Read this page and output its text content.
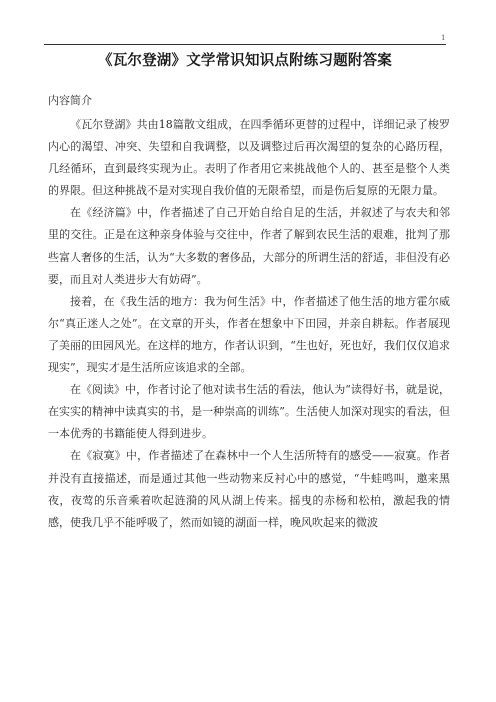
1
《瓦尔登湖》文学常识知识点附练习题附答案
内容简介

《瓦尔登湖》共由18篇散文组成，在四季循环更替的过程中，详细记录了梭罗内心的渴望、冲突、失望和自我调整，以及调整过后再次渴望的复杂的心路历程，几经循环，直到最终实现为止。表明了作者用它来挑战他个人的、甚至是整个人类的界限。但这种挑战不是对实现自我价值的无限希望，而是伤后复原的无限力量。

在《经济篇》中，作者描述了自己开始自给自足的生活，并叙述了与农夫和邻里的交往。正是在这种亲身体验与交往中，作者了解到农民生活的艰难，批判了那些富人奢侈的生活，认为“大多数的奢侈品，大部分的所谓生活的舒适，非但没有必要，而且对人类进步大有妨碍”。

接着，在《我生活的地方：我为何生活》中，作者描述了他生活的地方霍尔威尔“真正迷人之处”。在文章的开头，作者在想象中下田园，并亲自耕耘。作者展现了美丽的田园风光。在这样的地方，作者认识到，“生也好，死也好，我们仅仅追求现实”，现实才是生活所应该追求的全部。

在《阅读》中，作者讨论了他对读书生活的看法，他认为“读得好书，就是说，在实实的精神中读真实的书，是一种崇高的训练”。生活使人加深对现实的看法，但一本优秀的书籍能使人得到进步。

在《寂寞》中，作者描述了在森林中一个人生活所特有的感受——寂寞。作者并没有直接描述，而是通过其他一些动物来反衬心中的感觉，“牛蛙鸣叫，邀来黑夜，夜莺的乐音乘着吹起涟漪的风从湖上传来。摇曳的赤杨和松柏，激起我的情感，使我几乎不能呼吸了，然而如镜的湖面一样，晚风吹起来的微波
